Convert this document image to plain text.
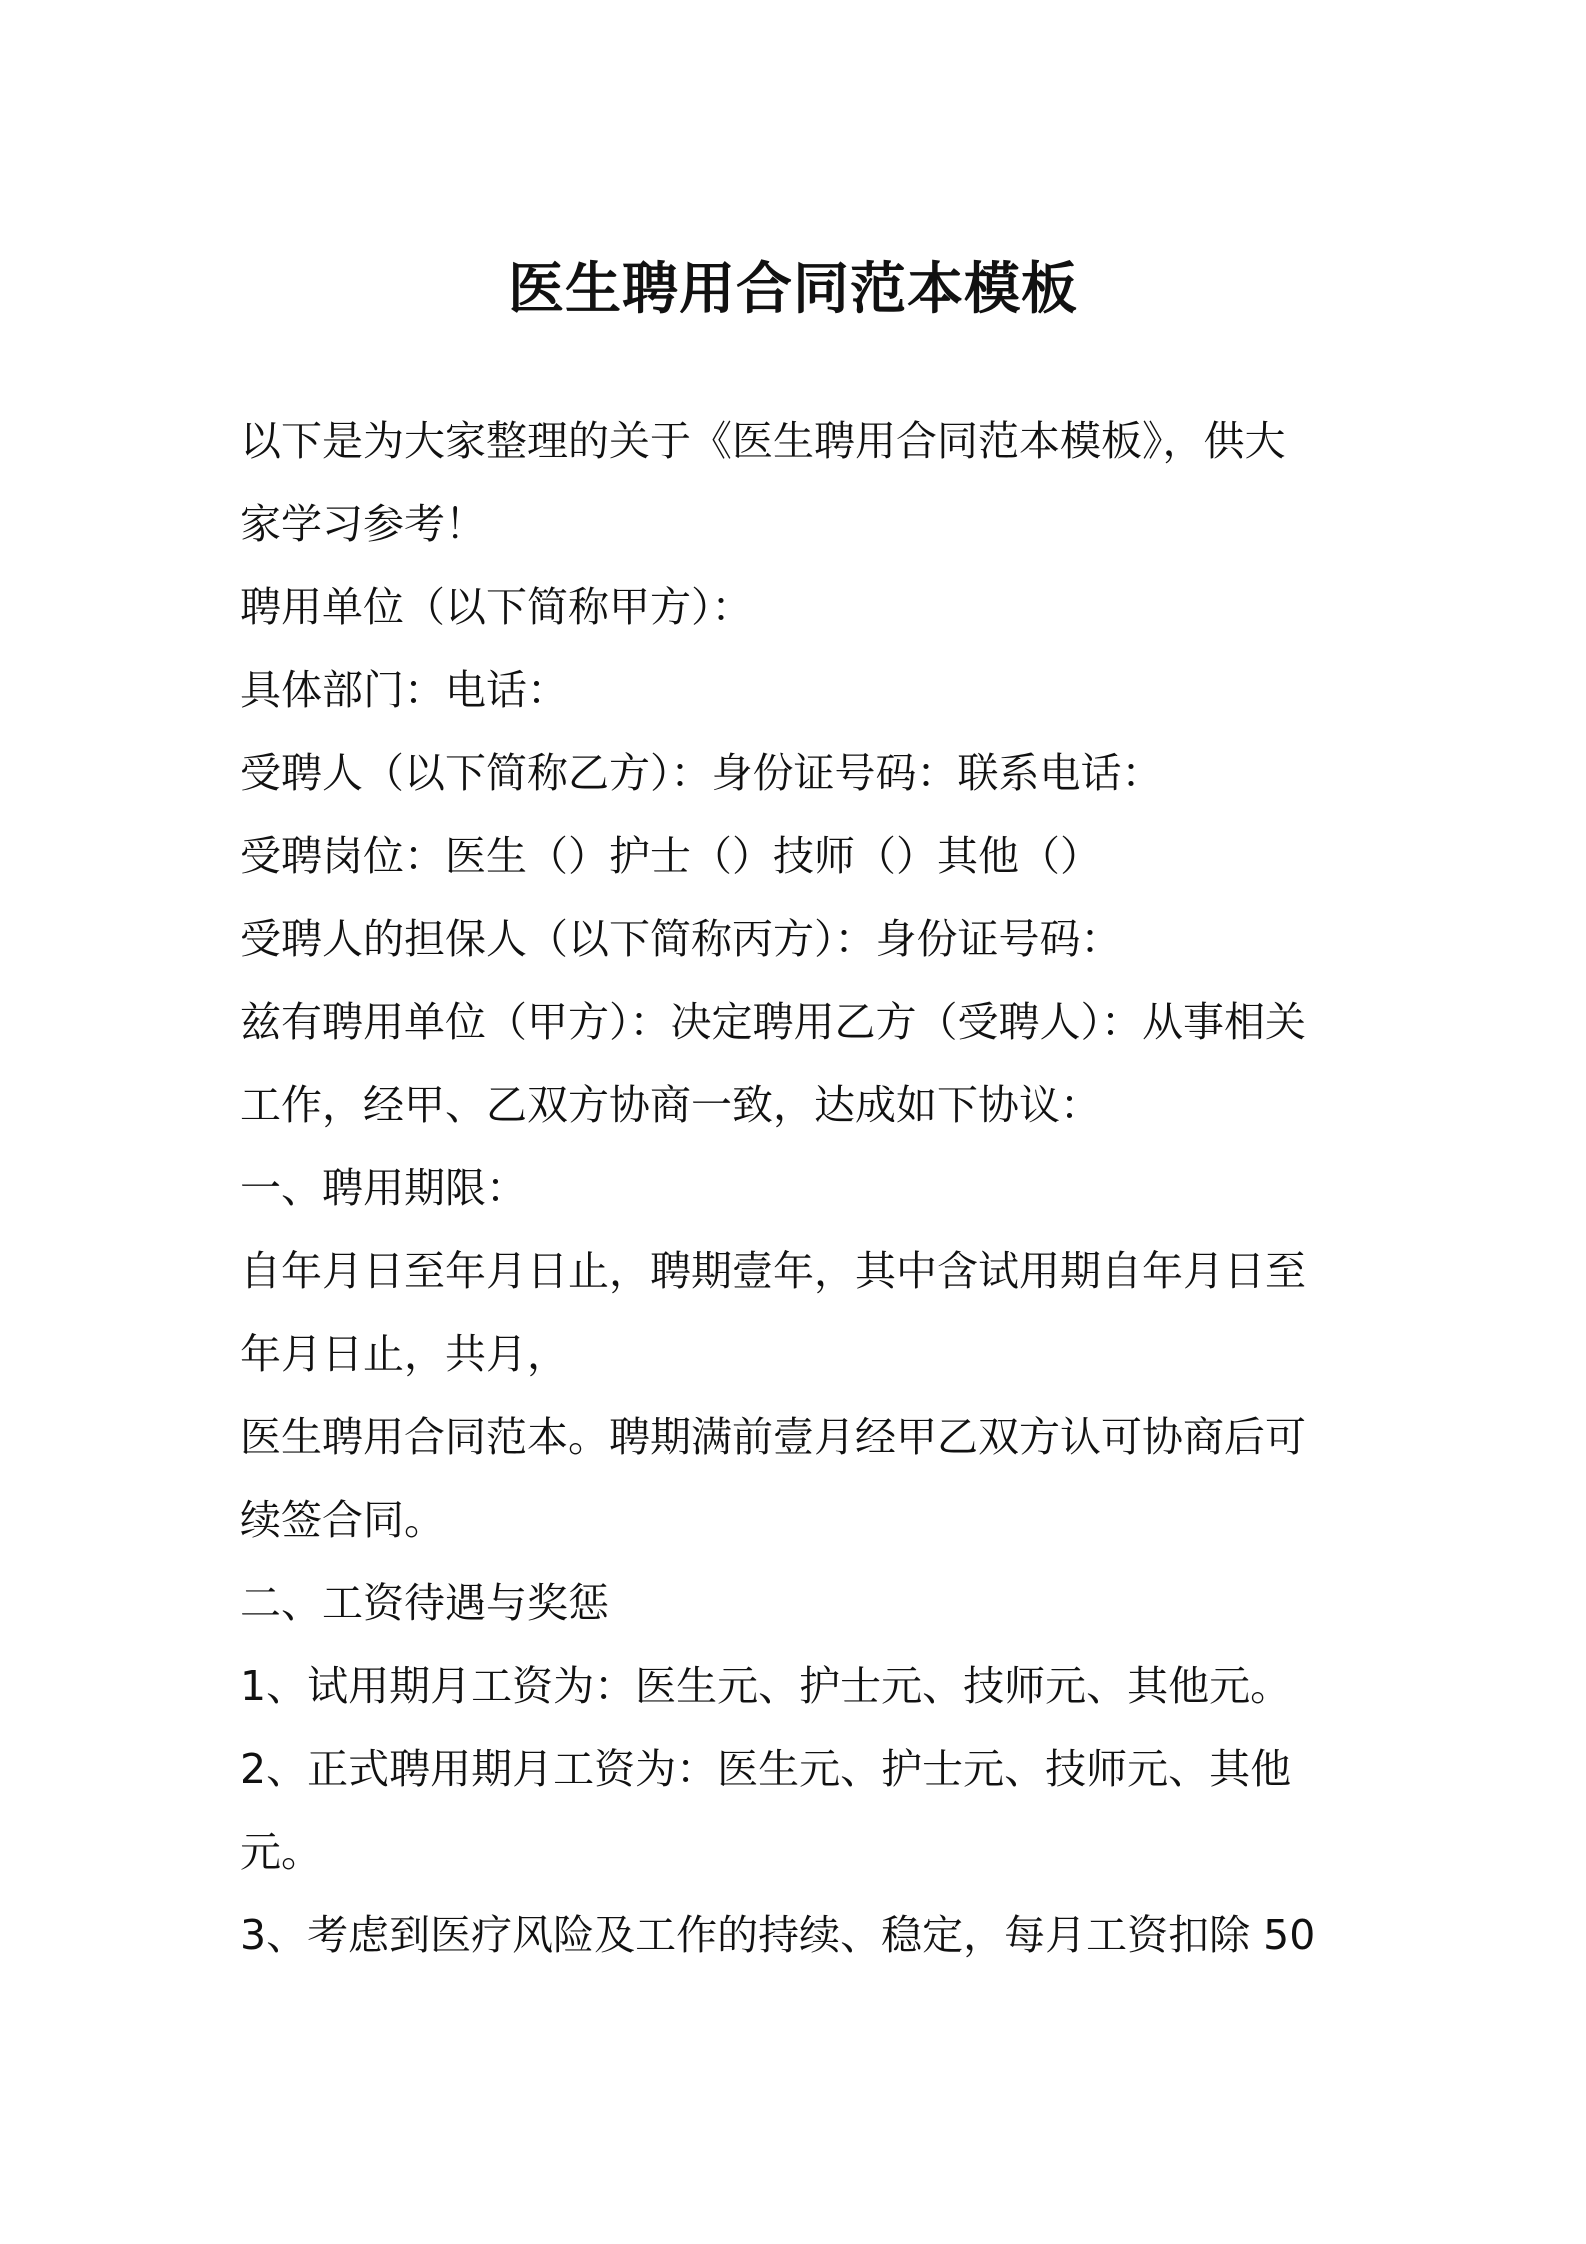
医生聘用合同范本模板

以下是为大家整理的关于《医生聘用合同范本模板》，供大

家学习参考！

聘用单位（以下简称甲方）：

具体部门：电话：

受聘人（以下简称乙方）：身份证号码：联系电话：

受聘岗位：医生（）护士（）技师（）其他（）

受聘人的担保人（以下简称丙方）：身份证号码：

兹有聘用单位（甲方）：决定聘用乙方（受聘人）：从事相关

工作，经甲、乙双方协商一致，达成如下协议：

一、聘用期限：

自年月日至年月日止，聘期壹年，其中含试用期自年月日至

年月日止，共月，

医生聘用合同范本。聘期满前壹月经甲乙双方认可协商后可

续签合同。

二、工资待遇与奖惩

1、试用期月工资为：医生元、护士元、技师元、其他元。

2、正式聘用期月工资为：医生元、护士元、技师元、其他

元。

3、考虑到医疗风险及工作的持续、稳定，每月工资扣除 50
